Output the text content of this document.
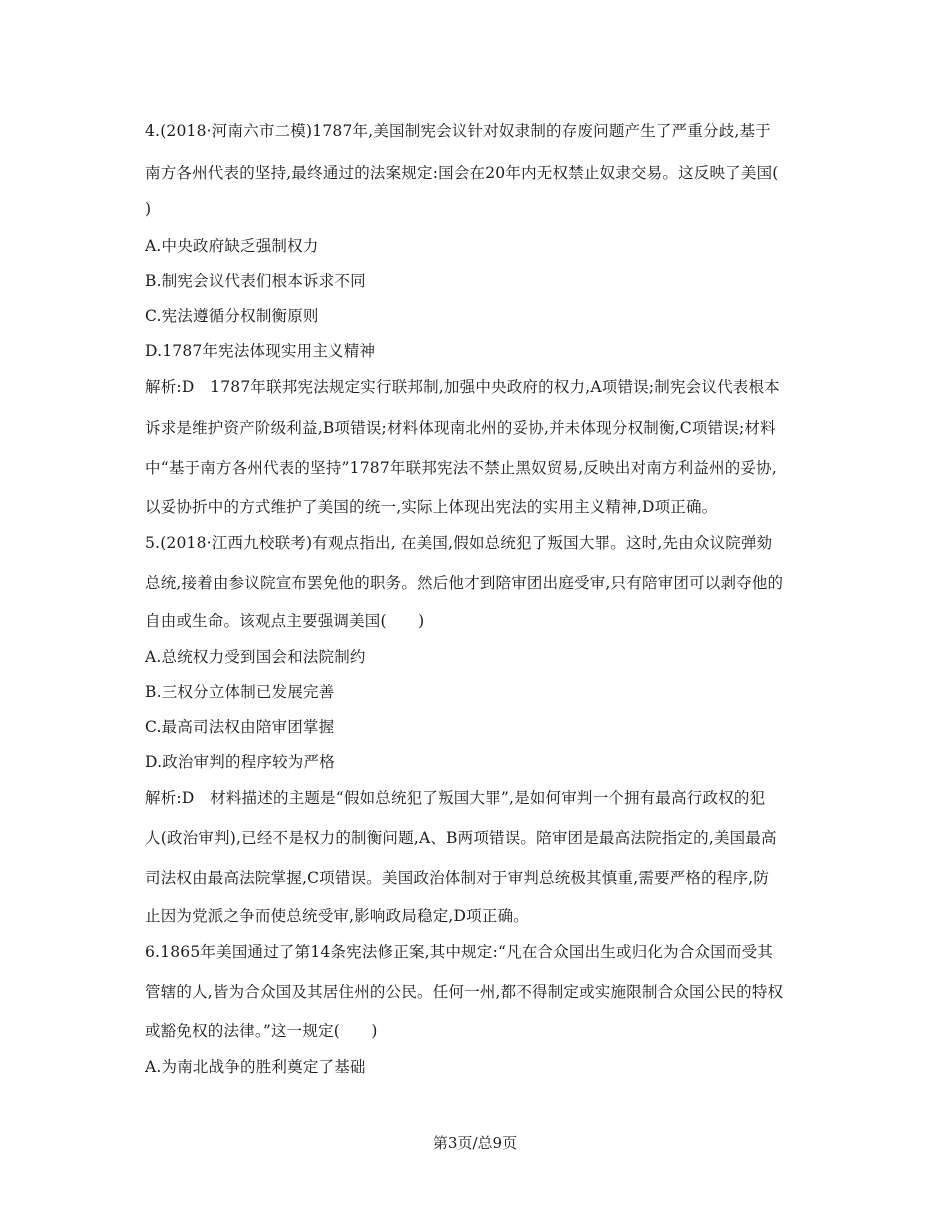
4.(2018·河南六市二模)1787年,美国制宪会议针对奴隶制的存废问题产生了严重分歧,基于
南方各州代表的坚持,最终通过的法案规定:国会在20年内无权禁止奴隶交易。这反映了美国(
)
A.中央政府缺乏强制权力
B.制宪会议代表们根本诉求不同
C.宪法遵循分权制衡原则
D.1787年宪法体现实用主义精神
解析:D　1787年联邦宪法规定实行联邦制,加强中央政府的权力,A项错误;制宪会议代表根本
诉求是维护资产阶级利益,B项错误;材料体现南北州的妥协,并未体现分权制衡,C项错误;材料
中“基于南方各州代表的坚持”1787年联邦宪法不禁止黑奴贸易,反映出对南方利益州的妥协,
以妥协折中的方式维护了美国的统一,实际上体现出宪法的实用主义精神,D项正确。
5.(2018·江西九校联考)有观点指出, 在美国,假如总统犯了叛国大罪。这时,先由众议院弹劾
总统,接着由参议院宣布罢免他的职务。然后他才到陪审团出庭受审,只有陪审团可以剥夺他的
自由或生命。该观点主要强调美国(　　)
A.总统权力受到国会和法院制约
B.三权分立体制已发展完善
C.最高司法权由陪审团掌握
D.政治审判的程序较为严格
解析:D　材料描述的主题是“假如总统犯了叛国大罪”,是如何审判一个拥有最高行政权的犯
人(政治审判),已经不是权力的制衡问题,A、B两项错误。陪审团是最高法院指定的,美国最高
司法权由最高法院掌握,C项错误。美国政治体制对于审判总统极其慎重,需要严格的程序,防
止因为党派之争而使总统受审,影响政局稳定,D项正确。
6.1865年美国通过了第14条宪法修正案,其中规定:“凡在合众国出生或归化为合众国而受其
管辖的人,皆为合众国及其居住州的公民。任何一州,都不得制定或实施限制合众国公民的特权
或豁免权的法律。”这一规定(　　)
A.为南北战争的胜利奠定了基础
第3页/总9页
